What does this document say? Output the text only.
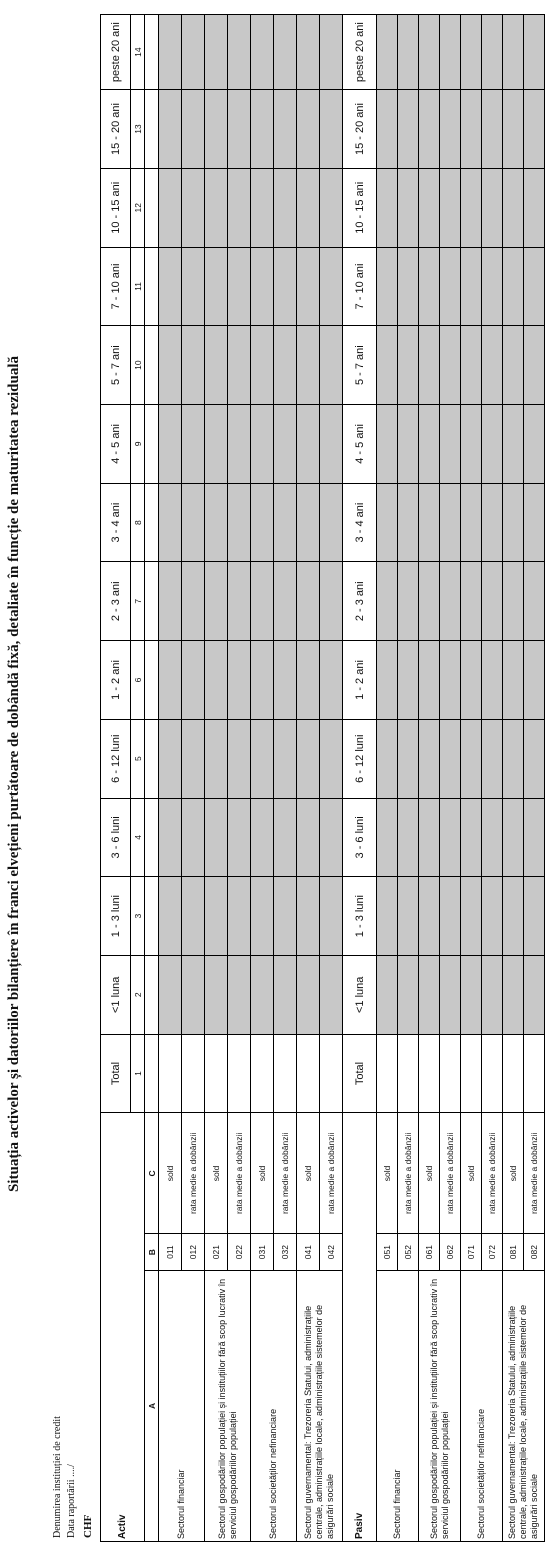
Situația activelor și datoriilor bilanțiere în franci elvețieni purtătoare de dobândă fixă, detaliate în funcție de maturitatea reziduală
Denumirea instituției de credit Data raportării ..../ CHF Activ			Total	<1 luna	1 - 3 luni	3 - 6 luni	6 - 12 luni	1 - 2 ani	2 - 3 ani	3 - 4 ani	4 - 5 ani	5 - 7 ani	7 - 10 ani	10 - 15 ani	15 - 20 ani	peste 20 ani
			1	2	3	4	5	6	7	8	9	10	11	12	13	14
A	B	C														
Sectorul financiar	011	sold														
	012	rata medie a dobânzii														
Sectorul gospodăriilor populației și instituțiilor fără scop lucrativ în serviciul gospodăriilor populației	021	sold														
	022	rata medie a dobânzii														
Sectorul societăților nefinanciare	031	sold														
	032	rata medie a dobânzii														
Sectorul guvernamental: Trezoreria Statului, administrațiile centrale, administrațiile locale, administrațiile sistemelor de asigurări sociale	041	sold														
	042	rata medie a dobânzii														
Pasiv			Total	<1 luna	1 - 3 luni	3 - 6 luni	6 - 12 luni	1 - 2 ani	2 - 3 ani	3 - 4 ani	4 - 5 ani	5 - 7 ani	7 - 10 ani	10 - 15 ani	15 - 20 ani	peste 20 ani
Sectorul financiar	051	sold														
	052	rata medie a dobânzii														
Sectorul gospodăriilor populației și instituțiilor fără scop lucrativ în serviciul gospodăriilor populației	061	sold														
	062	rata medie a dobânzii														
Sectorul societăților nefinanciare	071	sold														
	072	rata medie a dobânzii														
Sectorul guvernamental: Trezoreria Statului, administrațiile centrale, administrațiile locale, administrațiile sistemelor de asigurări sociale	081	sold														
	082	rata medie a dobânzii														
